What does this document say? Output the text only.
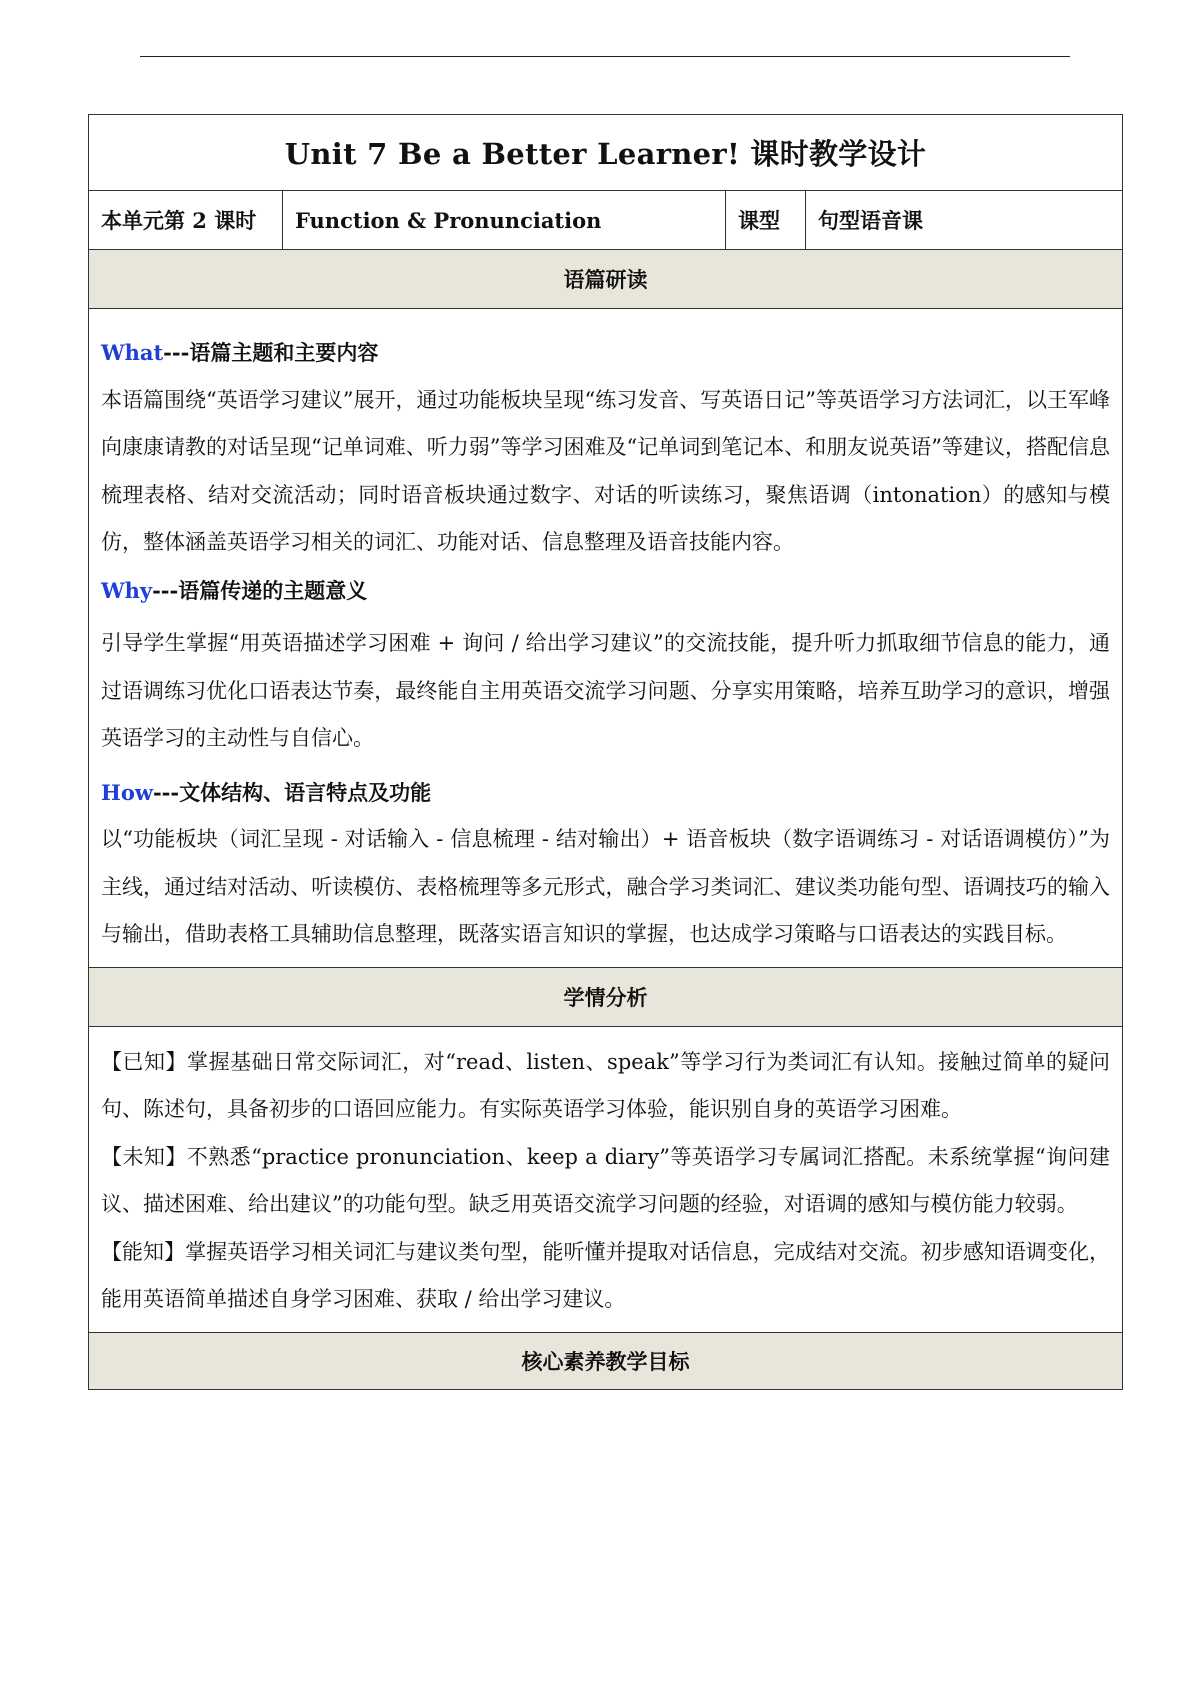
Unit 7 Be a Better Learner! 课时教学设计
本单元第 2 课时	Function & Pronunciation	课型	句型语音课
语篇研读

What---语篇主题和主要内容

本语篇围绕“英语学习建议”展开，通过功能板块呈现“练习发音、写英语日记”等英语学习方法词汇，以王军峰向康康请教的对话呈现“记单词难、听力弱”等学习困难及“记单词到笔记本、和朋友说英语”等建议，搭配信息梳理表格、结对交流活动；同时语音板块通过数字、对话的听读练习，聚焦语调（intonation）的感知与模仿，整体涵盖英语学习相关的词汇、功能对话、信息整理及语音技能内容。

Why---语篇传递的主题意义

引导学生掌握“用英语描述学习困难 + 询问 / 给出学习建议”的交流技能，提升听力抓取细节信息的能力，通过语调练习优化口语表达节奏，最终能自主用英语交流学习问题、分享实用策略，培养互助学习的意识，增强英语学习的主动性与自信心。

How---文体结构、语言特点及功能

以“功能板块（词汇呈现 - 对话输入 - 信息梳理 - 结对输出）+ 语音板块（数字语调练习 - 对话语调模仿）”为主线，通过结对活动、听读模仿、表格梳理等多元形式，融合学习类词汇、建议类功能句型、语调技巧的输入与输出，借助表格工具辅助信息整理，既落实语言知识的掌握，也达成学习策略与口语表达的实践目标。

学情分析

【已知】掌握基础日常交际词汇，对“read、listen、speak”等学习行为类词汇有认知。接触过简单的疑问句、陈述句，具备初步的口语回应能力。有实际英语学习体验，能识别自身的英语学习困难。

【未知】不熟悉“practice pronunciation、keep a diary”等英语学习专属词汇搭配。未系统掌握“询问建议、描述困难、给出建议”的功能句型。缺乏用英语交流学习问题的经验，对语调的感知与模仿能力较弱。

【能知】掌握英语学习相关词汇与建议类句型，能听懂并提取对话信息，完成结对交流。初步感知语调变化，能用英语简单描述自身学习困难、获取 / 给出学习建议。

核心素养教学目标
